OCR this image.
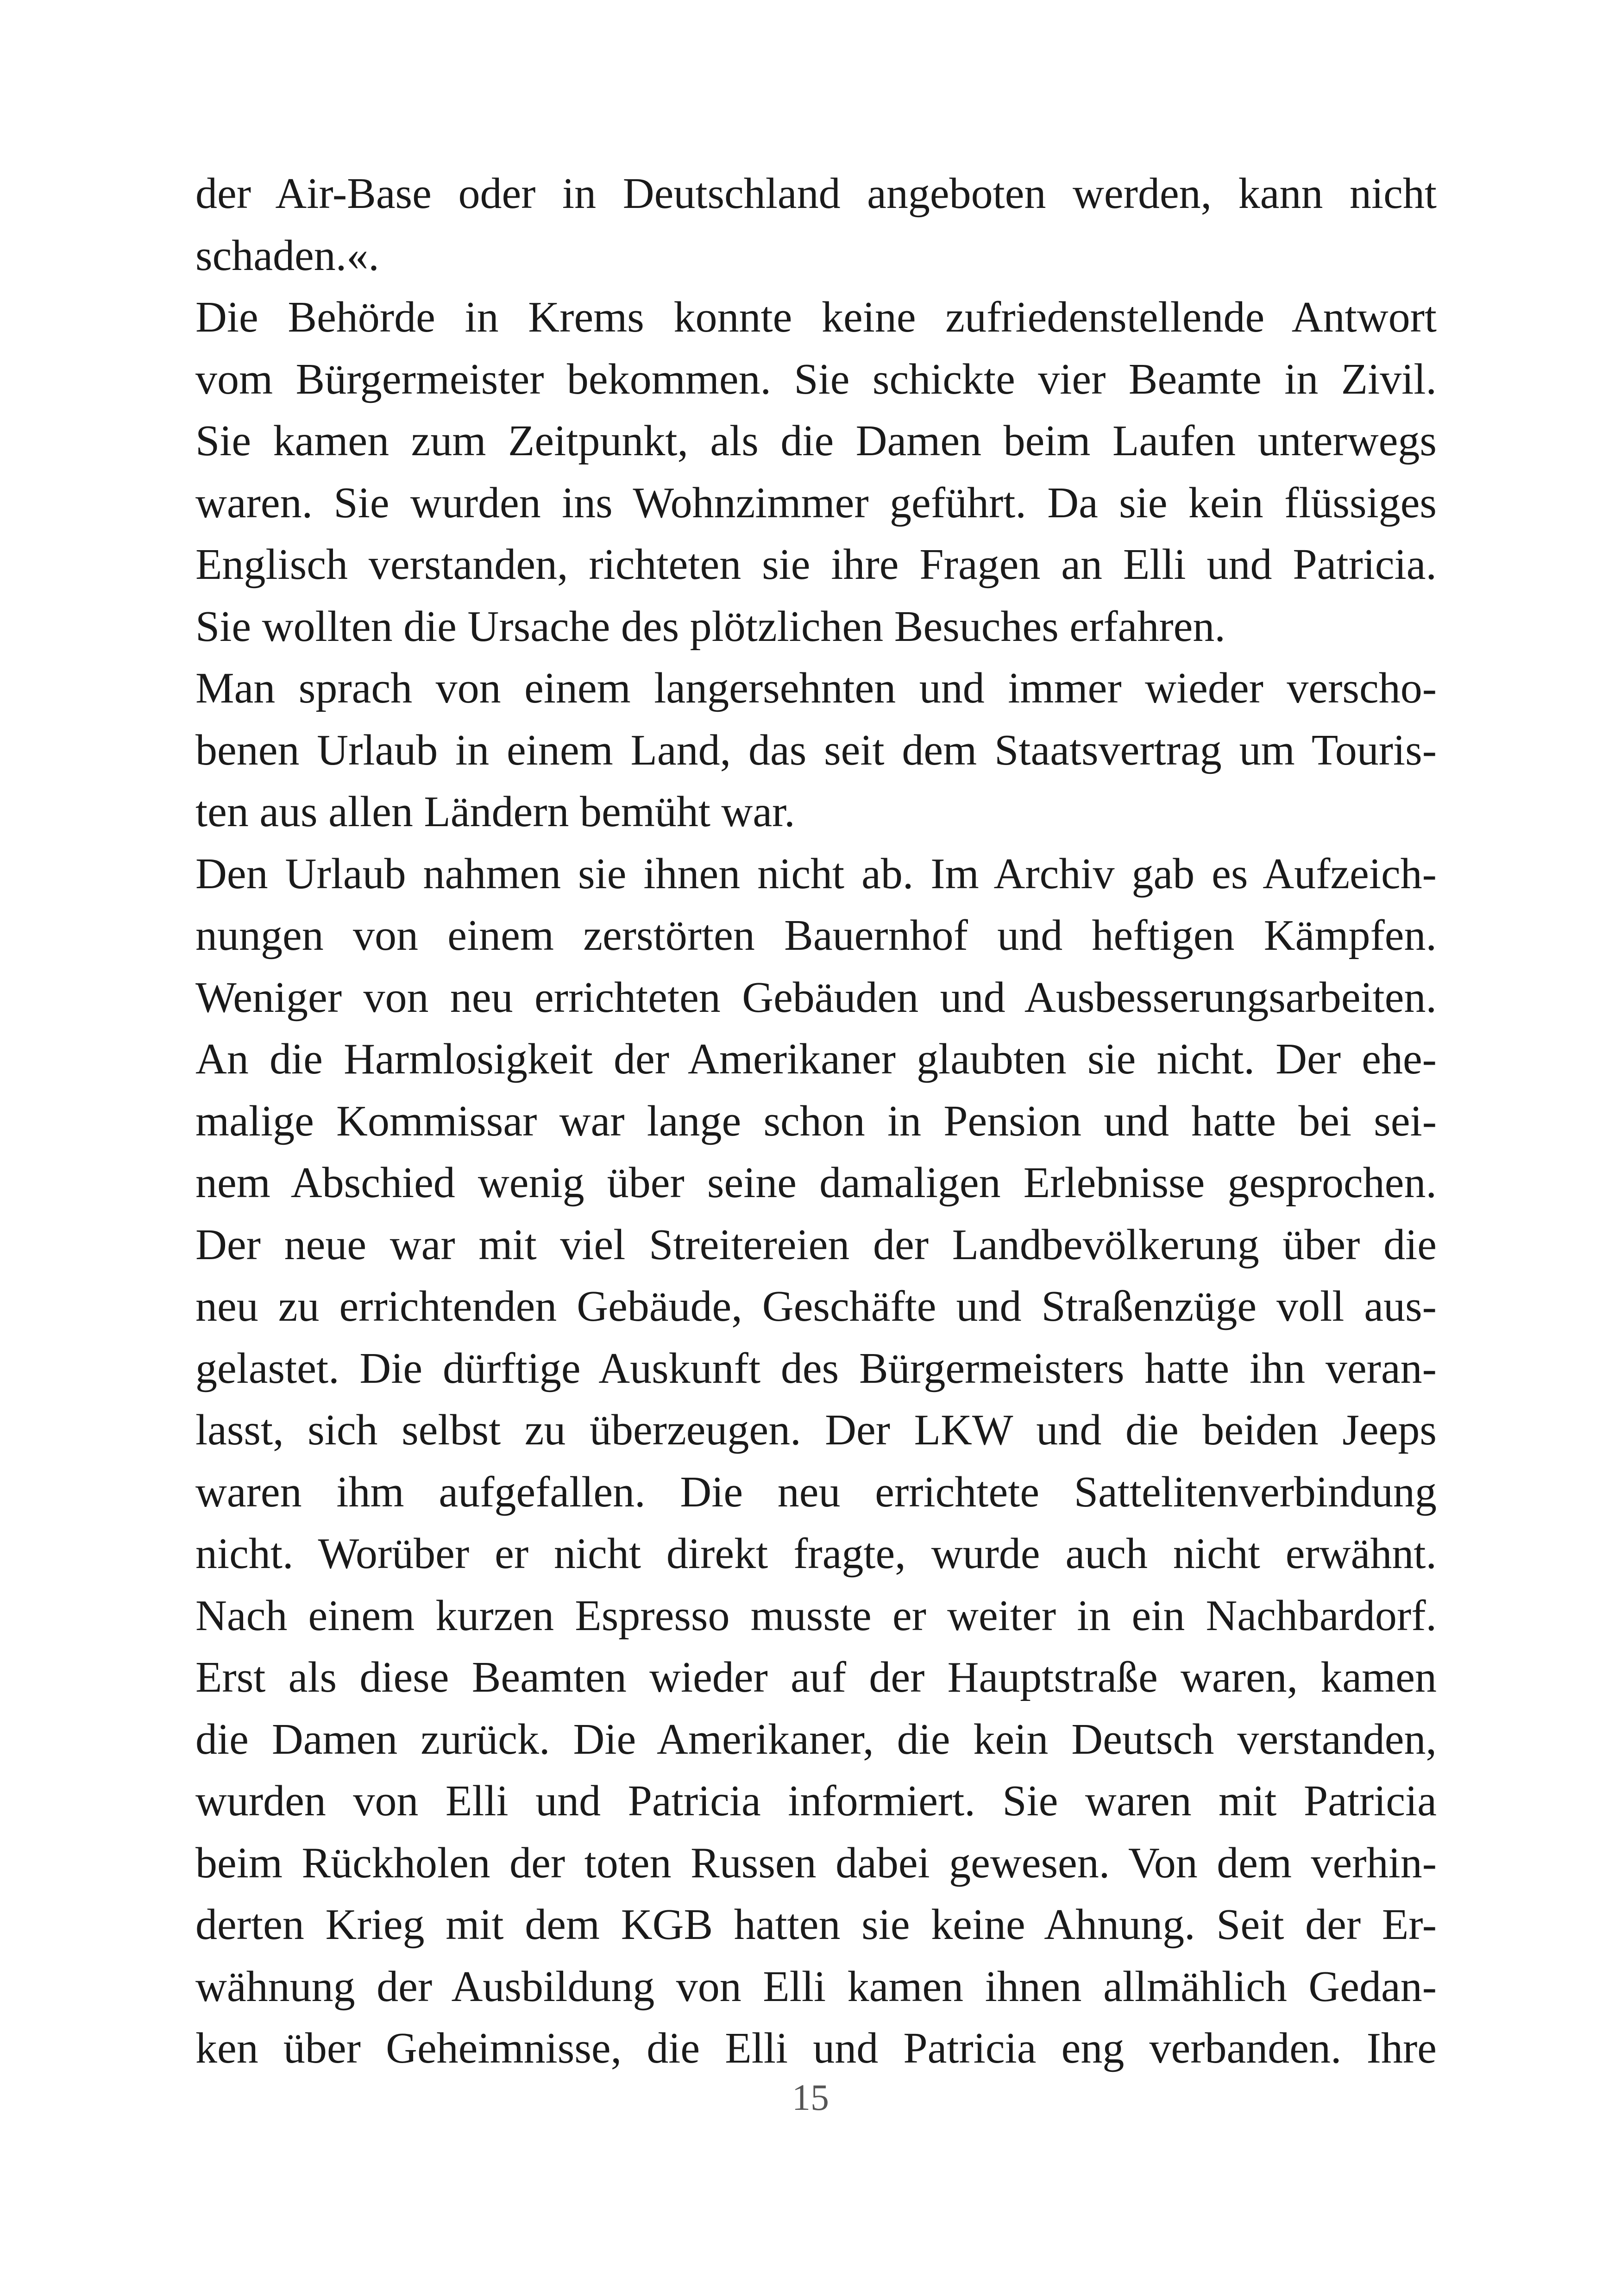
der Air-Base oder in Deutschland angeboten werden, kann nicht
schaden.«.
Die Behörde in Krems konnte keine zufriedenstellende Antwort
vom Bürgermeister bekommen. Sie schickte vier Beamte in Zivil.
Sie kamen zum Zeitpunkt, als die Damen beim Laufen unterwegs
waren. Sie wurden ins Wohnzimmer geführt. Da sie kein flüssiges
Englisch verstanden, richteten sie ihre Fragen an Elli und Patricia.
Sie wollten die Ursache des plötzlichen Besuches erfahren.
Man sprach von einem langersehnten und immer wieder verscho-
benen Urlaub in einem Land, das seit dem Staatsvertrag um Touris-
ten aus allen Ländern bemüht war.
Den Urlaub nahmen sie ihnen nicht ab. Im Archiv gab es Aufzeich-
nungen von einem zerstörten Bauernhof und heftigen Kämpfen.
Weniger von neu errichteten Gebäuden und Ausbesserungsarbeiten.
An die Harmlosigkeit der Amerikaner glaubten sie nicht. Der ehe-
malige Kommissar war lange schon in Pension und hatte bei sei-
nem Abschied wenig über seine damaligen Erlebnisse gesprochen.
Der neue war mit viel Streitereien der Landbevölkerung über die
neu zu errichtenden Gebäude, Geschäfte und Straßenzüge voll aus-
gelastet. Die dürftige Auskunft des Bürgermeisters hatte ihn veran-
lasst, sich selbst zu überzeugen. Der LKW und die beiden Jeeps
waren ihm aufgefallen. Die neu errichtete Sattelitenverbindung
nicht. Worüber er nicht direkt fragte, wurde auch nicht erwähnt.
Nach einem kurzen Espresso musste er weiter in ein Nachbardorf.
Erst als diese Beamten wieder auf der Hauptstraße waren, kamen
die Damen zurück. Die Amerikaner, die kein Deutsch verstanden,
wurden von Elli und Patricia informiert. Sie waren mit Patricia
beim Rückholen der toten Russen dabei gewesen. Von dem verhin-
derten Krieg mit dem KGB hatten sie keine Ahnung. Seit der Er-
wähnung der Ausbildung von Elli kamen ihnen allmählich Gedan-
ken über Geheimnisse, die Elli und Patricia eng verbanden. Ihre
15
